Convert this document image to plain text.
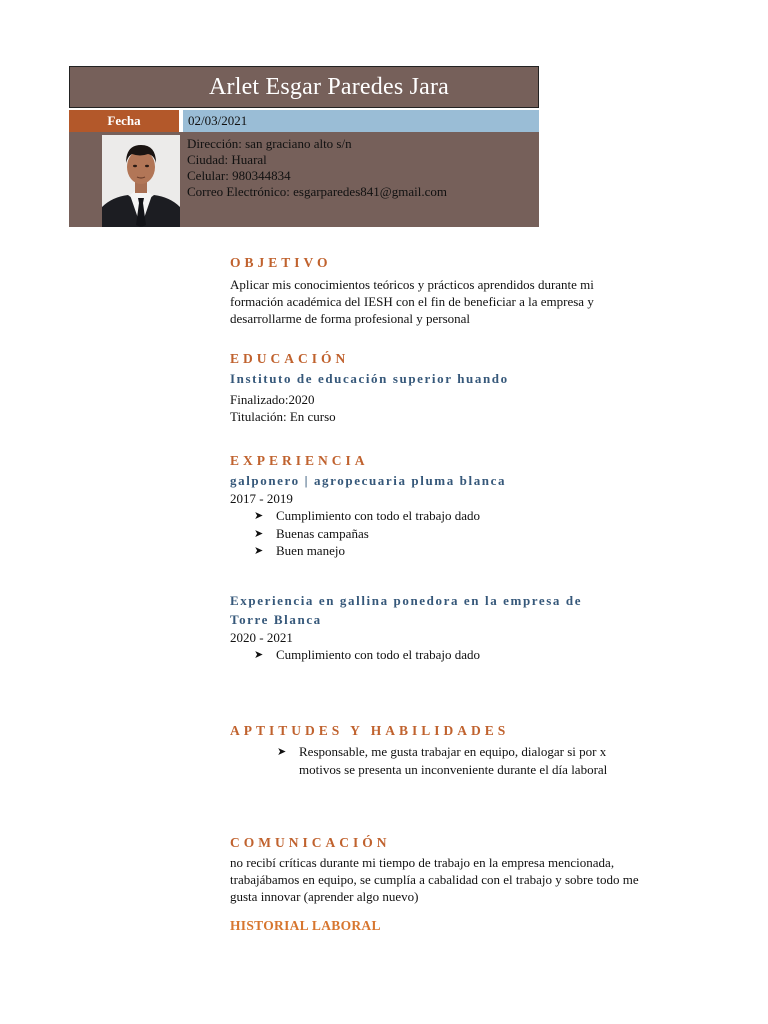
Arlet Esgar Paredes Jara
Fecha	02/03/2021
Dirección: san graciano alto s/n
Ciudad: Huaral
Celular: 980344834
Correo Electrónico: esgarparedes841@gmail.com
OBJETIVO

Aplicar mis conocimientos teóricos y prácticos aprendidos durante mi

formación académica del IESH con el fin de beneficiar a la empresa y

desarrollarme de forma profesional y personal

EDUCACIÓN

Instituto de educación superior huando

Finalizado:2020

Titulación: En curso

EXPERIENCIA

galponero | agropecuaria pluma blanca

2017 - 2019

➤ Cumplimiento con todo el trabajo dado
➤ Buenas campañas
➤ Buen manejo

Experiencia en gallina ponedora en la empresa de

Torre Blanca

2020 - 2021

➤ Cumplimiento con todo el trabajo dado
APTITUDES Y HABILIDADES
➤ Responsable, me gusta trabajar en equipo, dialogar si por x
motivos se presenta un inconveniente durante el día laboral
COMUNICACIÓN

no recibí críticas durante mi tiempo de trabajo en la empresa mencionada,

trabajábamos en equipo, se cumplía a cabalidad con el trabajo y sobre todo me

gusta innovar (aprender algo nuevo)

HISTORIAL LABORAL
